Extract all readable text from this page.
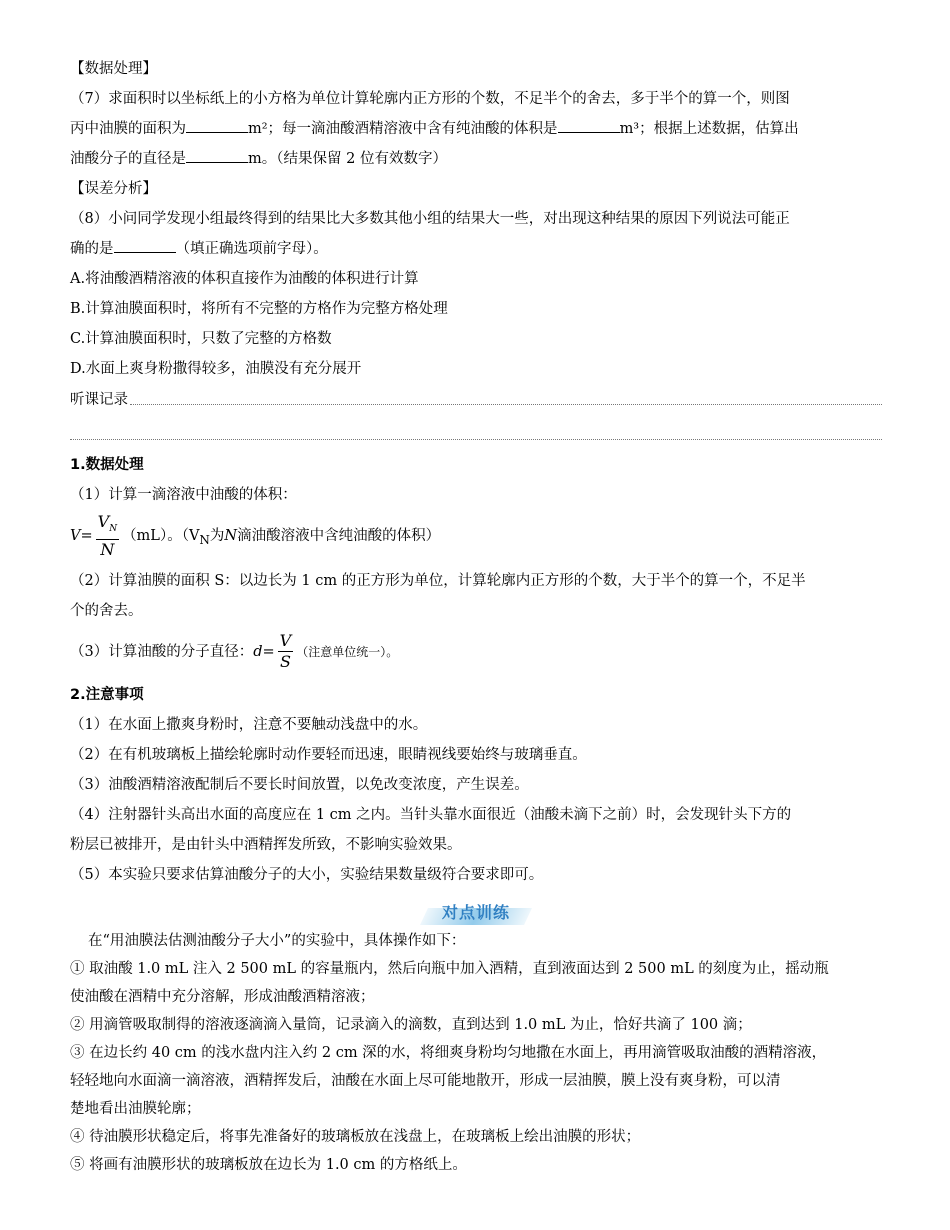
【数据处理】

（7）求面积时以坐标纸上的小方格为单位计算轮廓内正方形的个数，不足半个的舍去，多于半个的算一个，则图

丙中油膜的面积为	m²；每一滴油酸酒精溶液中含有纯油酸的体积是	m³；根据上述数据，估算出

油酸分子的直径是	m。（结果保留 2 位有效数字）

【误差分析】

（8）小问同学发现小组最终得到的结果比大多数其他小组的结果大一些，对出现这种结果的原因下列说法可能正

确的是	（填正确选项前字母）。

A.将油酸酒精溶液的体积直接作为油酸的体积进行计算

B.计算油膜面积时，将所有不完整的方格作为完整方格处理

C.计算油膜面积时，只数了完整的方格数

D.水面上爽身粉撒得较多，油膜没有充分展开

听课记录

1.数据处理

（1）计算一滴溶液中油酸的体积：

$V= \frac{V_N}{N} (mL)$。（$V_N$为N滴油酸溶液中含纯油酸的体积）

（2）计算油膜的面积 S：以边长为 1 cm 的正方形为单位，计算轮廓内正方形的个数，大于半个的算一个，不足半

个的舍去。

（3）计算油酸的分子直径：$d= \frac{V}{S}$ （注意单位统一）。

2.注意事项

（1）在水面上撒爽身粉时，注意不要触动浅盘中的水。

（2）在有机玻璃板上描绘轮廓时动作要轻而迅速，眼睛视线要始终与玻璃垂直。

（3）油酸酒精溶液配制后不要长时间放置，以免改变浓度，产生误差。

（4）注射器针头高出水面的高度应在 1 cm 之内。当针头靠水面很近（油酸未滴下之前）时，会发现针头下方的

粉层已被排开，是由针头中酒精挥发所致，不影响实验效果。

（5）本实验只要求估算油酸分子的大小，实验结果数量级符合要求即可。

对点训练

在“用油膜法估测油酸分子大小”的实验中，具体操作如下：

① 取油酸 1.0 mL 注入 2 500 mL 的容量瓶内，然后向瓶中加入酒精，直到液面达到 2 500 mL 的刻度为止，摇动瓶

使油酸在酒精中充分溶解，形成油酸酒精溶液；

② 用滴管吸取制得的溶液逐滴滴入量筒，记录滴入的滴数，直到达到 1.0 mL 为止，恰好共滴了 100 滴；

③ 在边长约 40 cm 的浅水盘内注入约 2 cm 深的水，将细爽身粉均匀地撒在水面上，再用滴管吸取油酸的酒精溶液，

轻轻地向水面滴一滴溶液，酒精挥发后，油酸在水面上尽可能地散开，形成一层油膜，膜上没有爽身粉，可以清

楚地看出油膜轮廓；

④ 待油膜形状稳定后，将事先准备好的玻璃板放在浅盘上，在玻璃板上绘出油膜的形状；

⑤ 将画有油膜形状的玻璃板放在边长为 1.0 cm 的方格纸上。
